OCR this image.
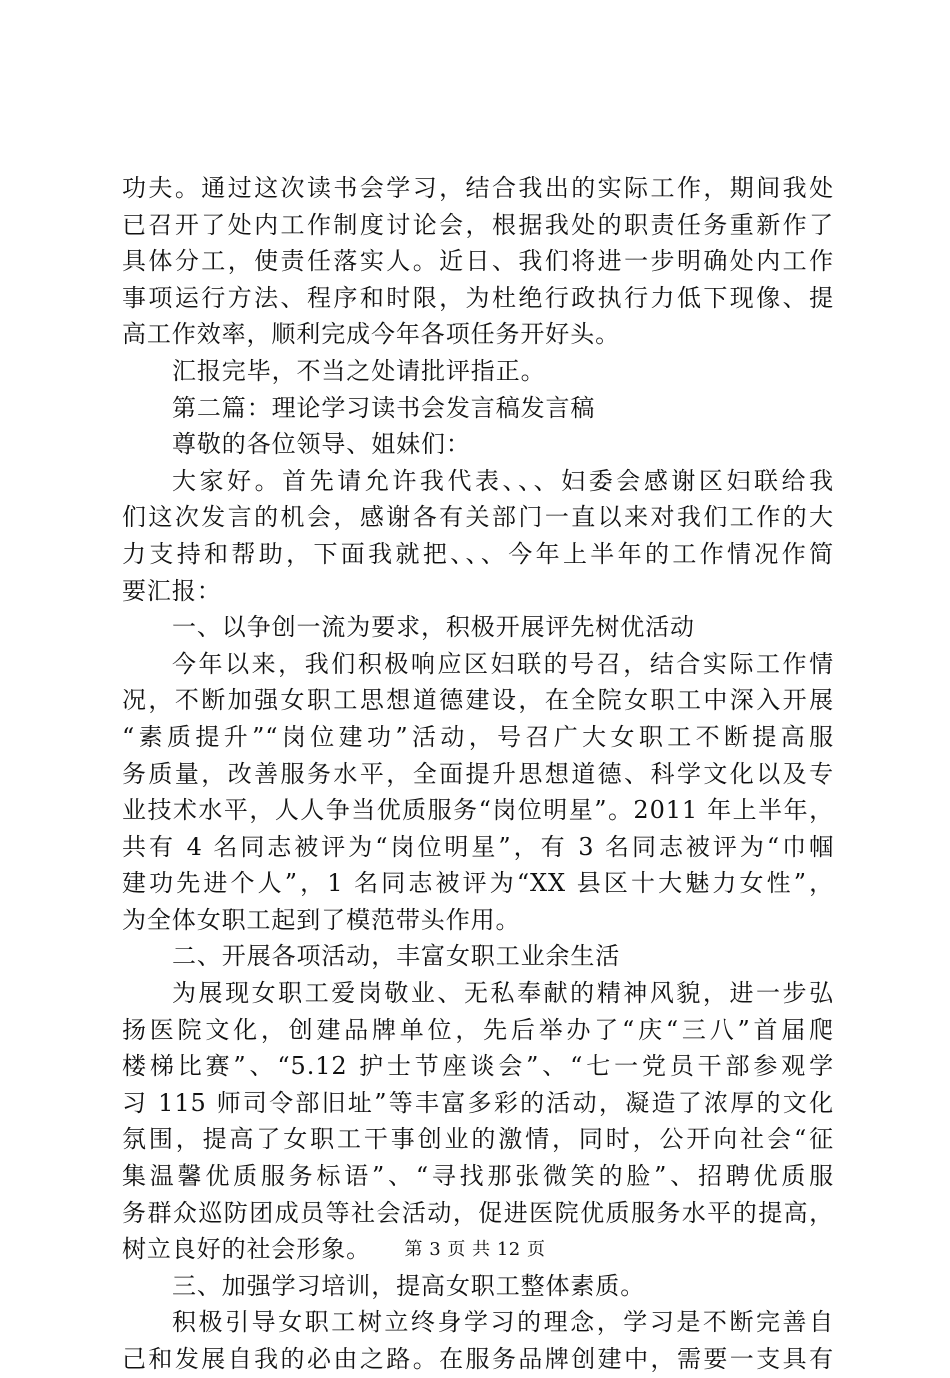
功夫。通过这次读书会学习，结合我出的实际工作，期间我处
已召开了处内工作制度讨论会，根据我处的职责任务重新作了
具体分工，使责任落实人。近日、我们将进一步明确处内工作
事项运行方法、程序和时限，为杜绝行政执行力低下现像、提
高工作效率，顺利完成今年各项任务开好头。
汇报完毕，不当之处请批评指正。
第二篇：理论学习读书会发言稿发言稿
尊敬的各位领导、姐妹们：
大家好。首先请允许我代表、、、妇委会感谢区妇联给我
们这次发言的机会，感谢各有关部门一直以来对我们工作的大
力支持和帮助，下面我就把、、、今年上半年的工作情况作简
要汇报：
一、以争创一流为要求，积极开展评先树优活动
今年以来，我们积极响应区妇联的号召，结合实际工作情
况，不断加强女职工思想道德建设，在全院女职工中深入开展
“素质提升”“岗位建功”活动，号召广大女职工不断提高服
务质量，改善服务水平，全面提升思想道德、科学文化以及专
业技术水平，人人争当优质服务“岗位明星”。2011 年上半年，
共有 4 名同志被评为“岗位明星”，有 3 名同志被评为“巾帼
建功先进个人”，1 名同志被评为“XX 县区十大魅力女性”，
为全体女职工起到了模范带头作用。
二、开展各项活动，丰富女职工业余生活
为展现女职工爱岗敬业、无私奉献的精神风貌，进一步弘
扬医院文化，创建品牌单位，先后举办了“庆“三八”首届爬
楼梯比赛”、“5.12 护士节座谈会”、“七一党员干部参观学
习 115 师司令部旧址”等丰富多彩的活动，凝造了浓厚的文化
氛围，提高了女职工干事创业的激情，同时，公开向社会“征
集温馨优质服务标语”、“寻找那张微笑的脸”、招聘优质服
务群众巡防团成员等社会活动，促进医院优质服务水平的提高，
树立良好的社会形象。
三、加强学习培训，提高女职工整体素质。
积极引导女职工树立终身学习的理念，学习是不断完善自
己和发展自我的必由之路。在服务品牌创建中，需要一支具有
第 3 页 共 12 页
